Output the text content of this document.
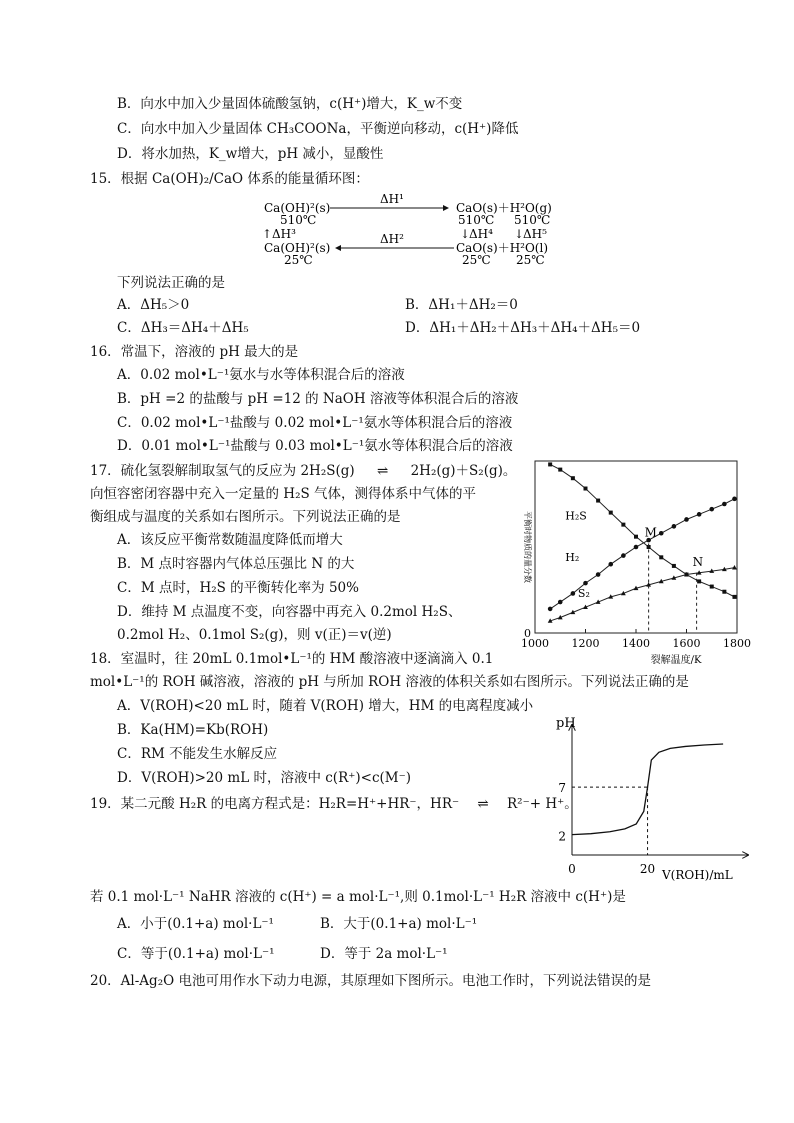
B．向水中加入少量固体硫酸氢钠，c(H⁺)增大，K_w不变
C．向水中加入少量固体 CH₃COONa，平衡逆向移动，c(H⁺)降低
D．将水加热，K_w增大，pH 减小，显酸性
15．根据 Ca(OH)₂/CaO 体系的能量循环图：
Ca(OH)²(s)
510℃
ΔH¹
CaO(s)＋H²O(g)
510℃ 510℃
↑ ΔH³	↓
ΔH⁴ ↓
ΔH⁵
Ca(OH)²(s)
25℃
ΔH²
CaO(s)＋H²O(l)
25℃ 25℃
下列说法正确的是
A．ΔH₅＞0	B．ΔH₁＋ΔH₂＝0
C．ΔH₃＝ΔH₄＋ΔH₅	D．ΔH₁＋ΔH₂＋ΔH₃＋ΔH₄＋ΔH₅＝0
16．常温下，溶液的 pH 最大的是
A．0.02 mol•L⁻¹氨水与水等体积混合后的溶液
B．pH =2 的盐酸与 pH =12 的 NaOH 溶液等体积混合后的溶液
C．0.02 mol•L⁻¹盐酸与 0.02 mol•L⁻¹氨水等体积混合后的溶液
D．0.01 mol•L⁻¹盐酸与 0.03 mol•L⁻¹氨水等体积混合后的溶液
17．硫化氢裂解制取氢气的反应为 2H₂S(g) ⇌ 2H₂(g)＋S₂(g)。
向恒容密闭容器中充入一定量的 H₂S 气体，测得体系中气体的平
衡组成与温度的关系如右图所示。下列说法正确的是
A．该反应平衡常数随温度降低而增大
B．M 点时容器内气体总压强比 N 的大
C．M 点时，H₂S 的平衡转化率为 50%
D．维持 M 点温度不变，向容器中再充入 0.2mol H₂S、
0.2mol H₂、0.1mol S₂(g)，则 v(正)＝v(逆)
1000 1200 1400 1600 1800
0
裂解温度/K
平衡时物质的量分数	H₂S
H₂
S₂
M
N
18．室温时，往 20mL 0.1mol•L⁻¹的 HM 酸溶液中逐滴滴入 0.1
mol•L⁻¹的 ROH 碱溶液，溶液的 pH 与所加 ROH 溶液的体积关系如右图所示。下列说法正确的是
A．V(ROH)<20 mL 时，随着 V(ROH) 增大，HM 的电离程度减小
B．Ka(HM)=Kb(ROH)
C．RM 不能发生水解反应
D．V(ROH)>20 mL 时，溶液中 c(R⁺)<c(M⁻)
pH
V(ROH)/mL
0	20
2
7
19．某二元酸 H₂R 的电离方程式是：H₂R=H⁺+HR⁻，HR⁻ ⇌ R²⁻+ H⁺。
若 0.1 mol·L⁻¹ NaHR 溶液的 c(H⁺) = a mol·L⁻¹,则 0.1mol·L⁻¹ H₂R 溶液中 c(H⁺)是
A．小于(0.1+a) mol·L⁻¹	B．大于(0.1+a) mol·L⁻¹
C．等于(0.1+a) mol·L⁻¹	D．等于 2a mol·L⁻¹
20．Al-Ag₂O 电池可用作水下动力电源，其原理如下图所示。电池工作时，下列说法错误的是
